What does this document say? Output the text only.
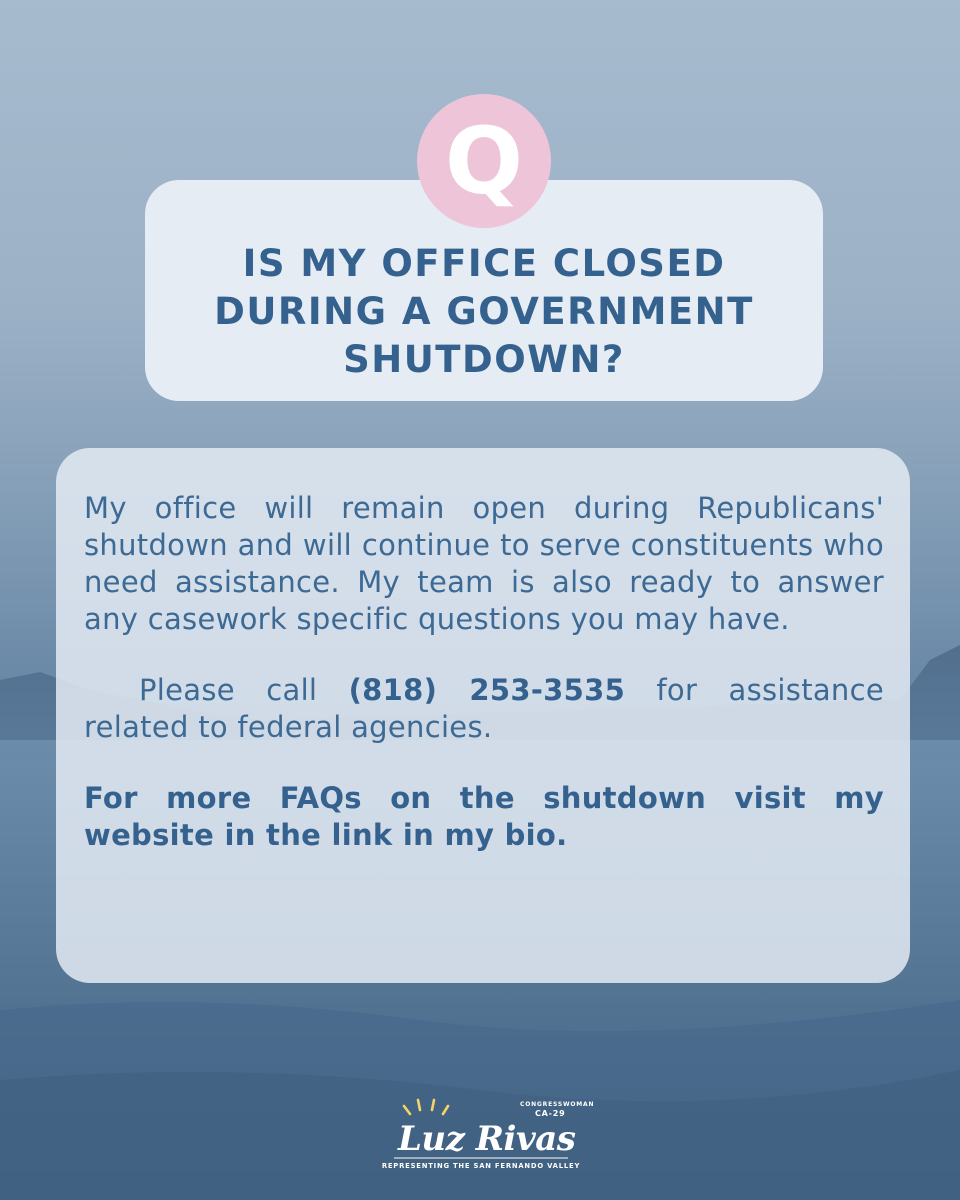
IS MY OFFICE CLOSED
DURING A GOVERNMENT
SHUTDOWN?
Q

My office will remain open during Republicans' shutdown and will continue to serve constituents who need assistance. My team is also ready to answer any casework specific questions you may have.

Please call (818) 253-3535 for assistance related to federal agencies.

For more FAQs on the shutdown visit my website in the link in my bio.

CONGRESSWOMAN
CA-29
Luz Rivas
REPRESENTING THE SAN FERNANDO VALLEY
